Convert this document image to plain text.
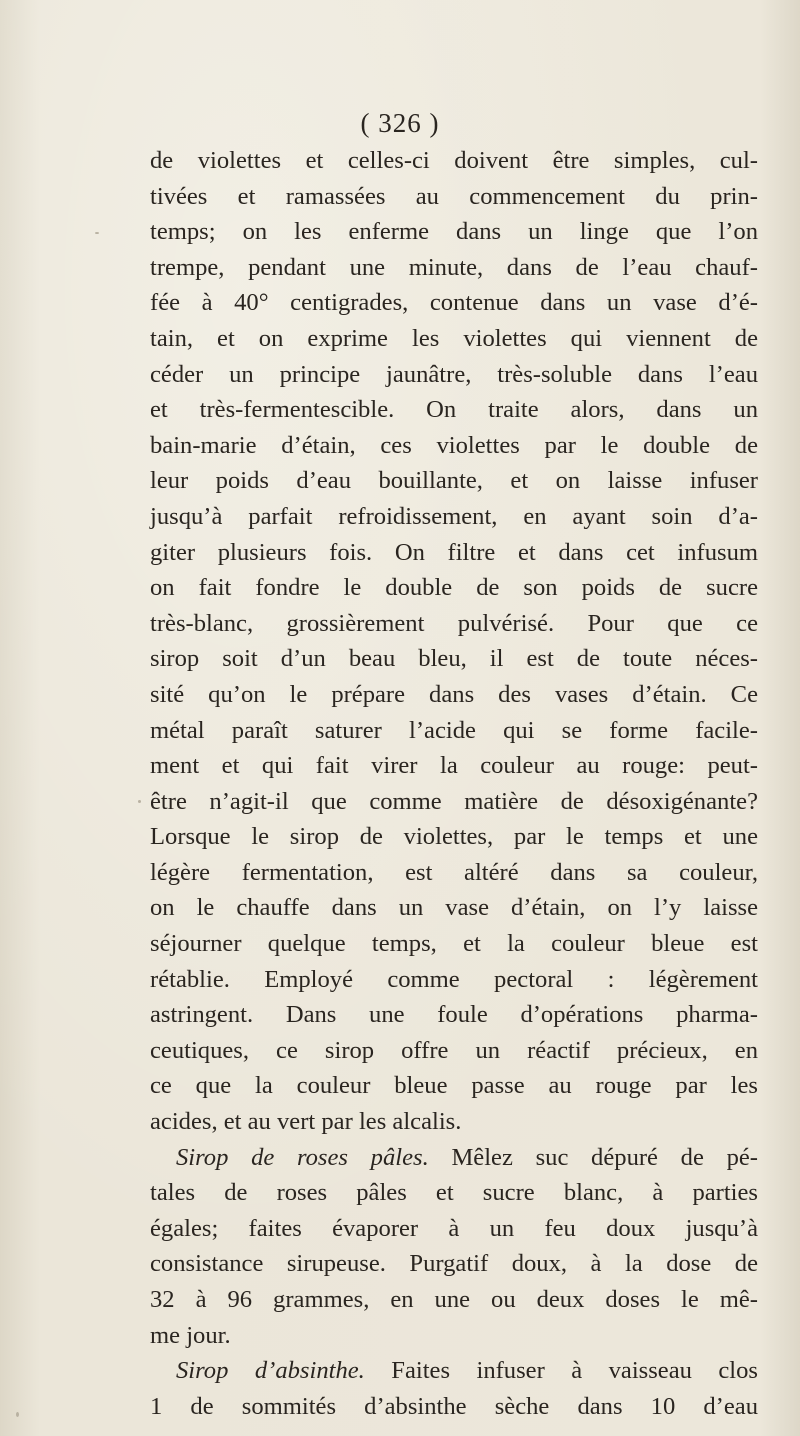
( 326 )
de violettes et celles-ci doivent être simples, cul-
tivées et ramassées au commencement du prin-
temps; on les enferme dans un linge que l’on
trempe, pendant une minute, dans de l’eau chauf-
fée à 40° centigrades, contenue dans un vase d’é-
tain, et on exprime les violettes qui viennent de
céder un principe jaunâtre, très-soluble dans l’eau
et très-fermentescible. On traite alors, dans un
bain-marie d’étain, ces violettes par le double de
leur poids d’eau bouillante, et on laisse infuser
jusqu’à parfait refroidissement, en ayant soin d’a-
giter plusieurs fois. On filtre et dans cet infusum
on fait fondre le double de son poids de sucre
très-blanc, grossièrement pulvérisé. Pour que ce
sirop soit d’un beau bleu, il est de toute néces-
sité qu’on le prépare dans des vases d’étain. Ce
métal paraît saturer l’acide qui se forme facile-
ment et qui fait virer la couleur au rouge: peut-
être n’agit-il que comme matière de désoxigénante?
Lorsque le sirop de violettes, par le temps et une
légère fermentation, est altéré dans sa couleur,
on le chauffe dans un vase d’étain, on l’y laisse
séjourner quelque temps, et la couleur bleue est
rétablie. Employé comme pectoral : légèrement
astringent. Dans une foule d’opérations pharma-
ceutiques, ce sirop offre un réactif précieux, en
ce que la couleur bleue passe au rouge par les
acides, et au vert par les alcalis.
Sirop de roses pâles. Mêlez suc dépuré de pé-
tales de roses pâles et sucre blanc, à parties
égales; faites évaporer à un feu doux jusqu’à
consistance sirupeuse. Purgatif doux, à la dose de
32 à 96 grammes, en une ou deux doses le mê-
me jour.
Sirop d’absinthe. Faites infuser à vaisseau clos
1 de sommités d’absinthe sèche dans 10 d’eau
